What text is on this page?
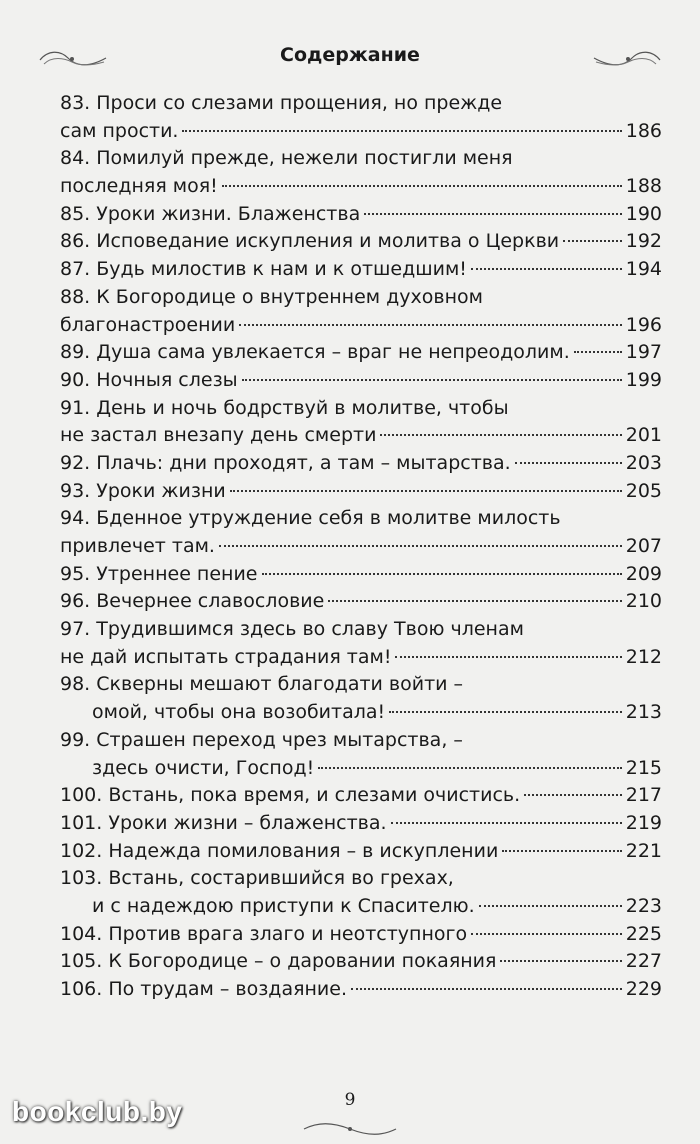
Содержание
83. Проси со слезами прощения, но прежде
сам прости.	186
84. Помилуй прежде, нежели постигли меня
последняя моя!	188
85. Уроки жизни. Блаженства	190
86. Исповедание искупления и молитва о Церкви	192
87. Будь милостив к нам и к отшедшим!	194
88. К Богородице о внутреннем духовном
благонастроении	196
89. Душа сама увлекается – враг не непреодолим.	197
90. Ночныя слезы	199
91. День и ночь бодрствуй в молитве, чтобы
не застал внезапу день смерти	201
92. Плачь: дни проходят, а там – мытарства.	203
93. Уроки жизни	205
94. Бденное утруждение себя в молитве милость
привлечет там.	207
95. Утреннее пение	209
96. Вечернее славословие	210
97. Трудившимся здесь во славу Твою членам
не дай испытать страдания там!	212
98. Скверны мешают благодати войти –
омой, чтобы она возобитала!	213
99. Страшен переход чрез мытарства, –
здесь очисти, Господ!	215
100. Встань, пока время, и слезами очистись.	217
101. Уроки жизни – блаженства.	219
102. Надежда помилования – в искуплении	221
103. Встань, состарившийся во грехах,
и с надеждою приступи к Спасителю.	223
104. Против врага злаго и неотступного	225
105. К Богородице – о даровании покаяния	227
106. По трудам – воздаяние.	229
9
bookclub.by
